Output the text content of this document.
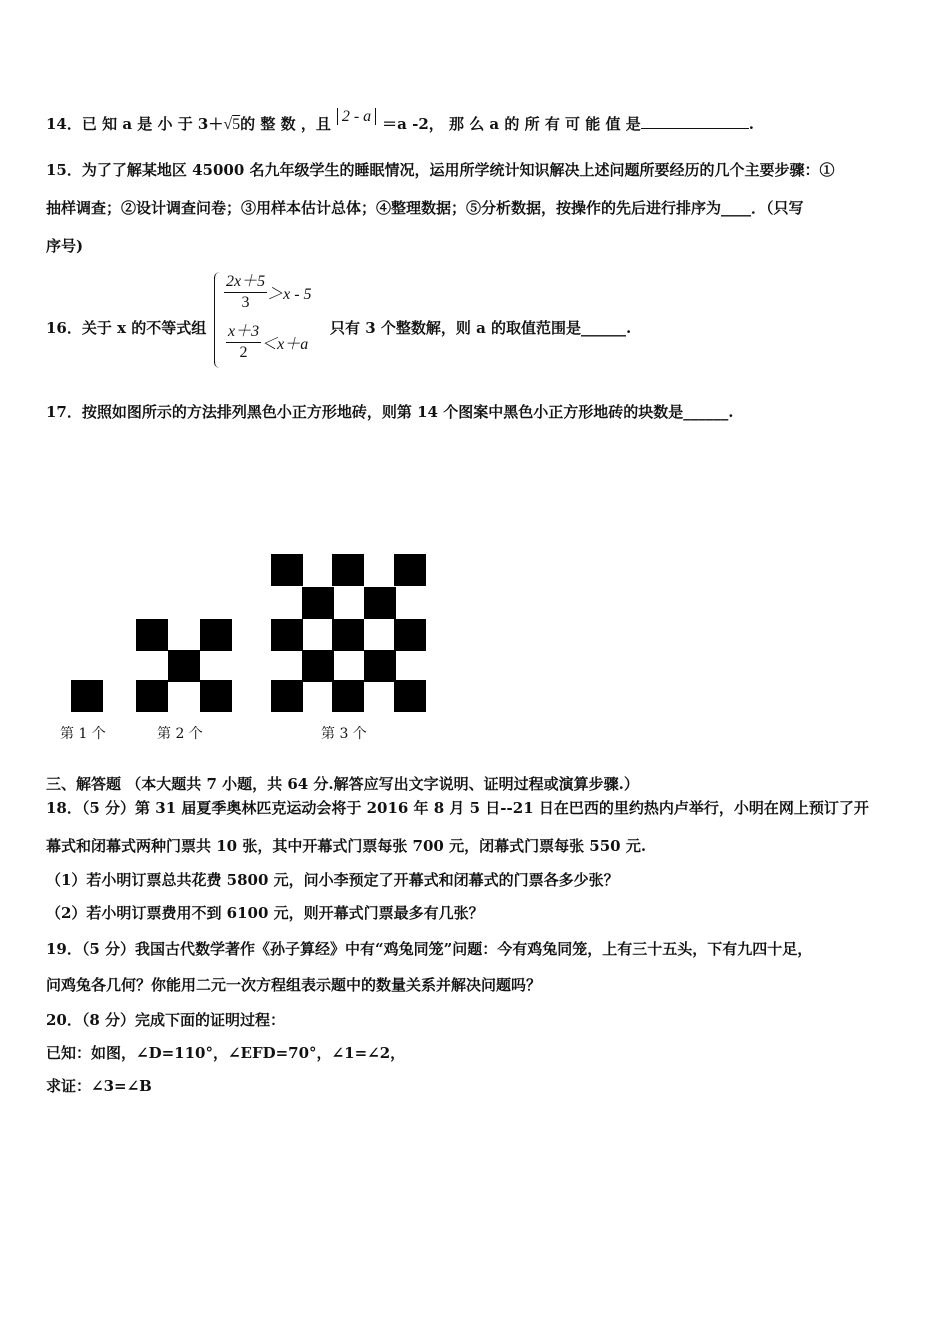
14．已 知 a 是 小 于 3＋√5的 整 数 ，且 2 - a ＝a -2， 那 么 a 的 所 有 可 能 值 是	.
15．为了了解某地区 45000 名九年级学生的睡眠情况，运用所学统计知识解决上述问题所要经历的几个主要步骤：①
抽样调查；②设计调查问卷；③用样本估计总体；④整理数据；⑤分析数据，按操作的先后进行排序为____．（只写
序号)
16．关于 x 的不等式组
$\frac{2x+5}{3} >x - 5$
$\frac{x+3}{2} <x+a$
只有 3 个整数解，则 a 的取值范围是______.
17．按照如图所示的方法排列黑色小正方形地砖，则第 14 个图案中黑色小正方形地砖的块数是______.
第 1 个	第 2 个	第 3 个
三、解答题 （本大题共 7 小题，共 64 分.解答应写出文字说明、证明过程或演算步骤.）
18．（5 分）第 31 届夏季奥林匹克运动会将于 2016 年 8 月 5 日--21 日在巴西的里约热内卢举行，小明在网上预订了开
幕式和闭幕式两种门票共 10 张，其中开幕式门票每张 700 元，闭幕式门票每张 550 元.
（1）若小明订票总共花费 5800 元，问小李预定了开幕式和闭幕式的门票各多少张？
（2）若小明订票费用不到 6100 元，则开幕式门票最多有几张？
19．（5 分）我国古代数学著作《孙子算经》中有“鸡兔同笼”问题：今有鸡兔同笼，上有三十五头，下有九四十足，
问鸡兔各几何？你能用二元一次方程组表示题中的数量关系并解决问题吗？
20．（8 分）完成下面的证明过程：
已知：如图，∠D=110°，∠EFD=70°，∠1=∠2，
求证：∠3=∠B
